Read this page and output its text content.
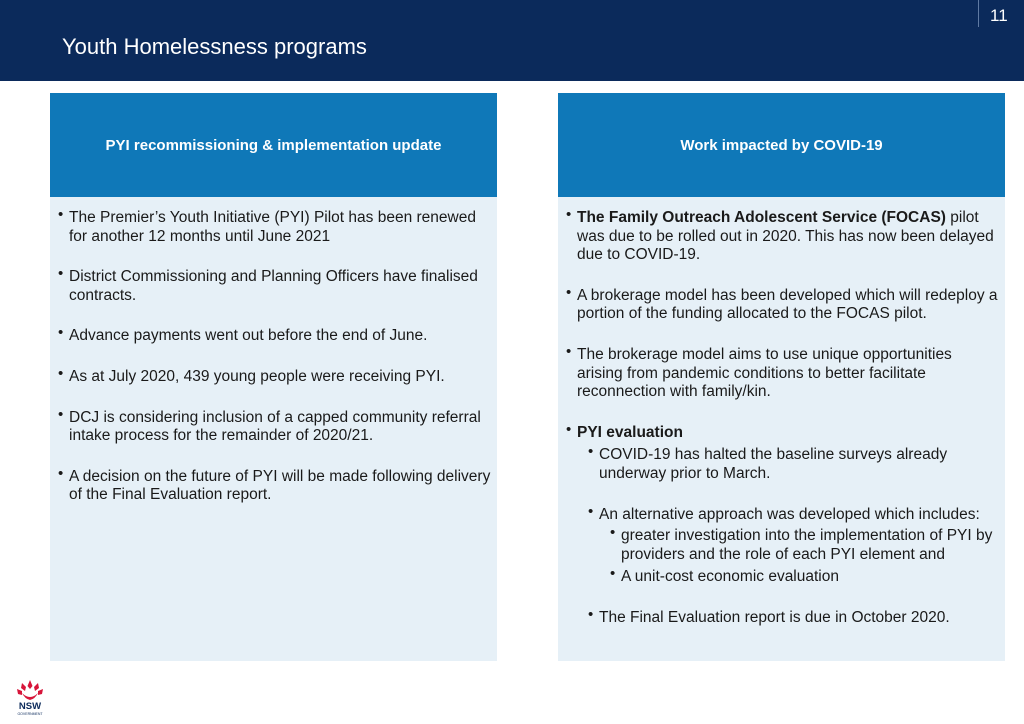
11
Youth Homelessness programs
PYI recommissioning & implementation update
• The Premier’s Youth Initiative (PYI) Pilot has been renewed for another 12 months until June 2021
• District Commissioning and Planning Officers have finalised contracts.
• Advance payments went out before the end of June.
• As at July 2020, 439 young people were receiving PYI.
• DCJ is considering inclusion of a capped community referral intake process for the remainder of 2020/21.
• A decision on the future of PYI will be made following delivery of the Final Evaluation report.
Work impacted by COVID-19
• The Family Outreach Adolescent Service (FOCAS) pilot was due to be rolled out in 2020. This has now been delayed due to COVID-19.
• A brokerage model has been developed which will redeploy a portion of the funding allocated to the FOCAS pilot.
• The brokerage model aims to use unique opportunities arising from pandemic conditions to better facilitate reconnection with family/kin.
• PYI evaluation
• COVID-19 has halted the baseline surveys already underway prior to March.
• An alternative approach was developed which includes:
• greater investigation into the implementation of PYI by providers and the role of each PYI element and
• A unit-cost economic evaluation
• The Final Evaluation report is due in October 2020.
NSW
GOVERNMENT
